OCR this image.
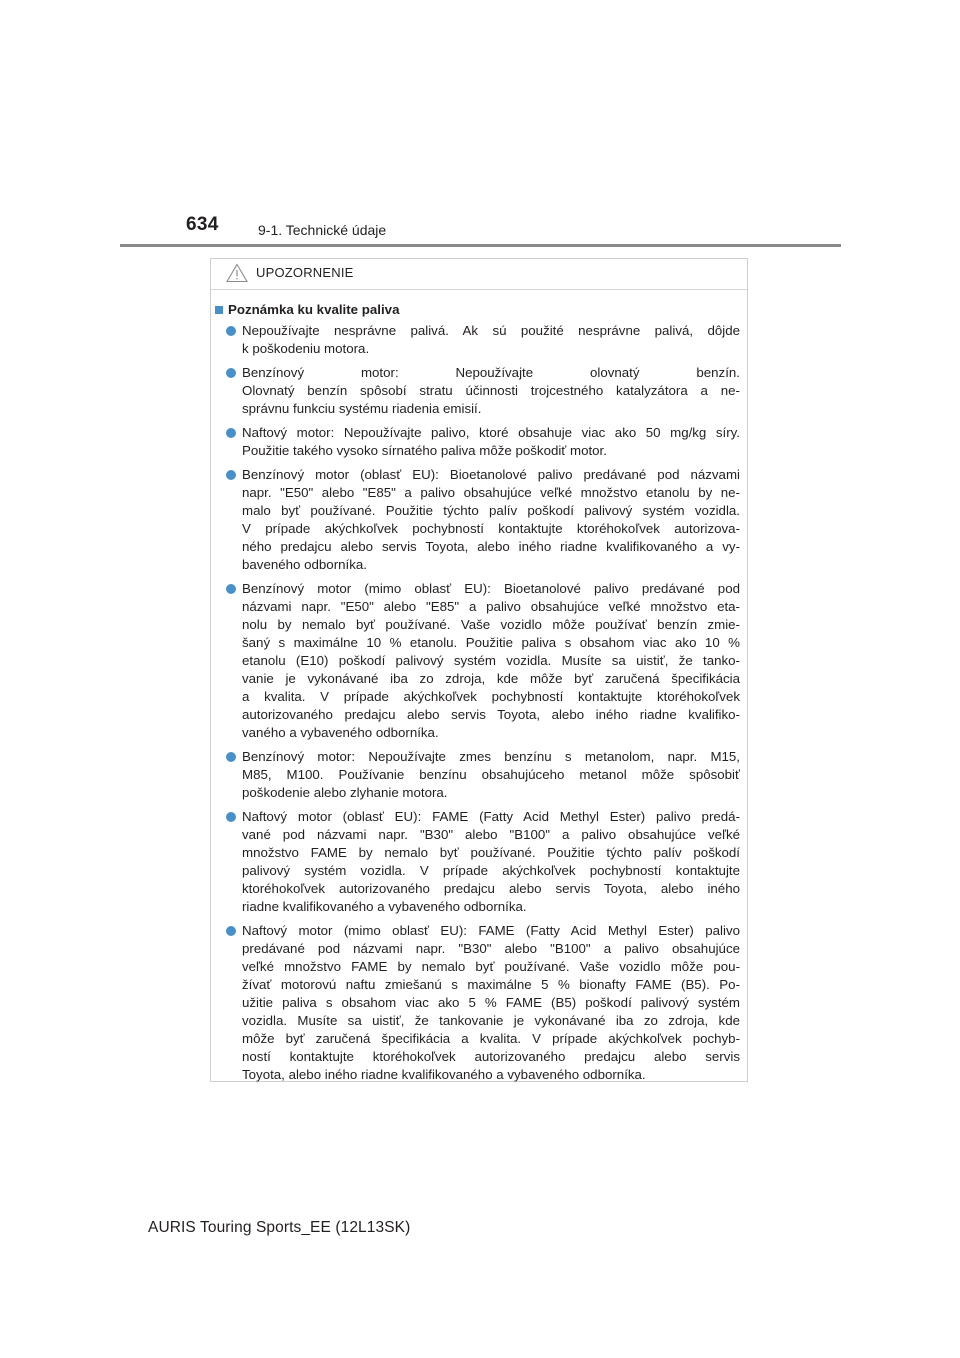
634	9-1. Technické údaje
UPOZORNENIE
Poznámka ku kvalite paliva
Nepoužívajte nesprávne palivá. Ak sú použité nesprávne palivá, dôjde
k poškodeniu motora.
Benzínový motor: Nepoužívajte olovnatý benzín.
Olovnatý benzín spôsobí stratu účinnosti trojcestného katalyzátora a ne-
správnu funkciu systému riadenia emisií.
Naftový motor: Nepoužívajte palivo, ktoré obsahuje viac ako 50 mg/kg síry.
Použitie takého vysoko sírnatého paliva môže poškodiť motor.
Benzínový motor (oblasť EU): Bioetanolové palivo predávané pod názvami
napr. "E50" alebo "E85" a palivo obsahujúce veľké množstvo etanolu by ne-
malo byť používané. Použitie týchto palív poškodí palivový systém vozidla.
V prípade akýchkoľvek pochybností kontaktujte ktoréhokoľvek autorizova-
ného predajcu alebo servis Toyota, alebo iného riadne kvalifikovaného a vy-
baveného odborníka.
Benzínový motor (mimo oblasť EU): Bioetanolové palivo predávané pod
názvami napr. "E50" alebo "E85" a palivo obsahujúce veľké množstvo eta-
nolu by nemalo byť používané. Vaše vozidlo môže používať benzín zmie-
šaný s maximálne 10 % etanolu. Použitie paliva s obsahom viac ako 10 %
etanolu (E10) poškodí palivový systém vozidla. Musíte sa uistiť, že tanko-
vanie je vykonávané iba zo zdroja, kde môže byť zaručená špecifikácia
a kvalita. V prípade akýchkoľvek pochybností kontaktujte ktoréhokoľvek
autorizovaného predajcu alebo servis Toyota, alebo iného riadne kvalifiko-
vaného a vybaveného odborníka.
Benzínový motor: Nepoužívajte zmes benzínu s metanolom, napr. M15,
M85, M100. Používanie benzínu obsahujúceho metanol môže spôsobiť
poškodenie alebo zlyhanie motora.
Naftový motor (oblasť EU): FAME (Fatty Acid Methyl Ester) palivo predá-
vané pod názvami napr. "B30" alebo "B100" a palivo obsahujúce veľké
množstvo FAME by nemalo byť používané. Použitie týchto palív poškodí
palivový systém vozidla. V prípade akýchkoľvek pochybností kontaktujte
ktoréhokoľvek autorizovaného predajcu alebo servis Toyota, alebo iného
riadne kvalifikovaného a vybaveného odborníka.
Naftový motor (mimo oblasť EU): FAME (Fatty Acid Methyl Ester) palivo
predávané pod názvami napr. "B30" alebo "B100" a palivo obsahujúce
veľké množstvo FAME by nemalo byť používané. Vaše vozidlo môže pou-
žívať motorovú naftu zmiešanú s maximálne 5 % bionafty FAME (B5). Po-
užitie paliva s obsahom viac ako 5 % FAME (B5) poškodí palivový systém
vozidla. Musíte sa uistiť, že tankovanie je vykonávané iba zo zdroja, kde
môže byť zaručená špecifikácia a kvalita. V prípade akýchkoľvek pochyb-
ností kontaktujte ktoréhokoľvek autorizovaného predajcu alebo servis
Toyota, alebo iného riadne kvalifikovaného a vybaveného odborníka.
AURIS Touring Sports_EE (12L13SK)
